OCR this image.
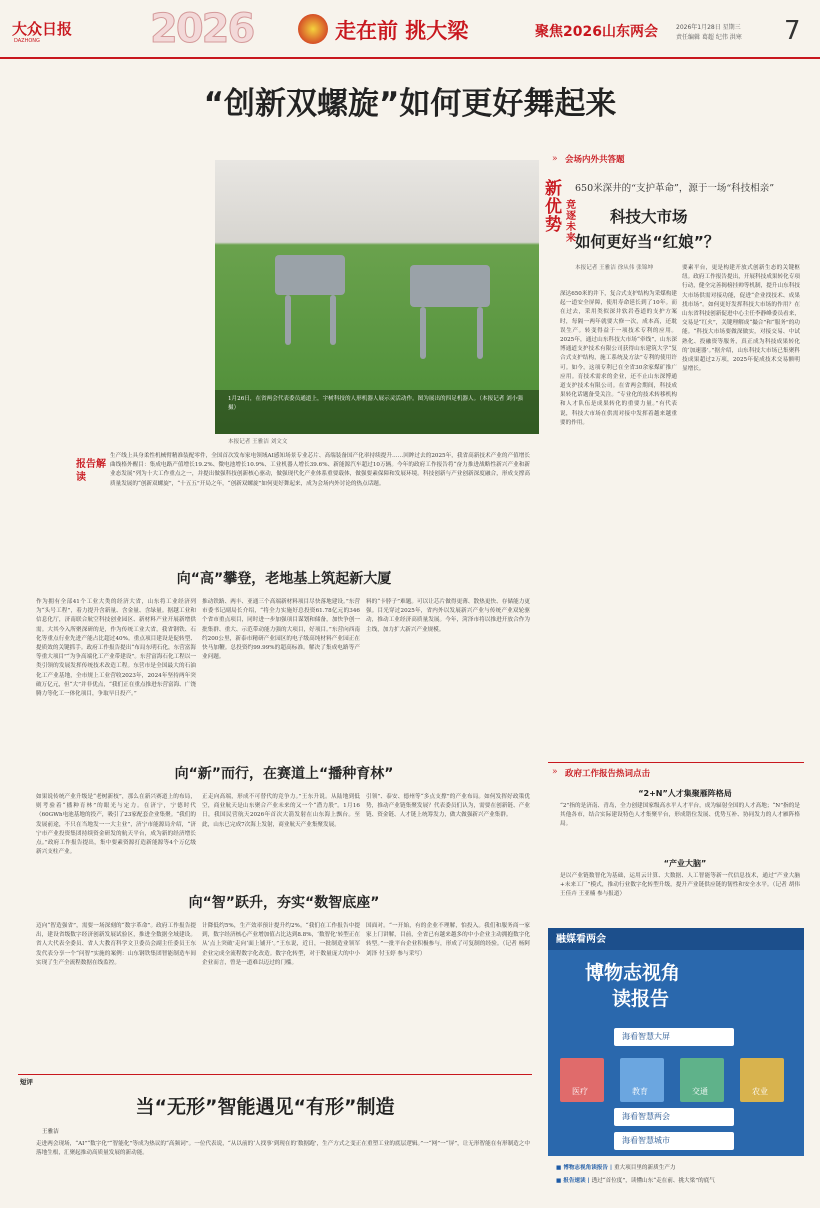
大众日报
DAZHONG	2026	走在前 挑大梁	聚焦2026山东两会	2026年1月28日 星期三
责任编辑 葛超 纪伟 洪寒 7
“创新双螺旋”如何更好舞起来
1月26日，在省两会代表委员通道上，宇树科技的人形机器人展示灵活动作。图为展出的四足机器人。（本报记者 刘小强 摄）
新优势
竞逐未来
本报记者 王雅洁 刘文文
报告解读
生产线上具身柔性机械臂精准装配零件，全国首次发布家电领域AI感知场景专业芯片、高端装备国产化率持续提升……回眸过去的2025年，我省高新技术产业的产值增长曲线格外醒目：集成电路产值增长19.2%、微电池增长10.9%、工业机器人增长39.6%、新能源汽车超过10万辆。今年的政府工作报告将“奋力推进战略性新兴产业和新业态发展”列为十大工作重点之一，并提出做强科技创新核心驱动，做强现代化产业体系重要载体，做强要素保障和发展环境。科技创新与产业创新深度融合，形成支撑高质量发展的“创新双螺旋”，“十五五”开局之年，“创新双螺旋”如何更好舞起来，成为会场内外讨论的热点话题。
向“高”攀登，老地基上筑起新大厦
作为拥有全部41个工业大类的经济大省，山东将工业经济列为“头号工程”，着力提升含新量、含金量、含绿量。据越工业和信息化厅，济南联合航空科技创业园区、新材料产业开展新增供需。大其今入所聚深研的是，作为传统工业大省，我省钢铁、石化等重点行业先进产能占比超过40%。重点项目建设是促转型、提质效的关键抓手。政府工作报告提出“布局东明石化，东营富海等重大项目”“为争高端化工产业带建设”。东营富海石化工程以一类引领的发展发挥传统技术改造工程。东营市是全国最大的石油化工产业基地，全市规上工业营收2023年，2024年坚持两年突破万亿元，但“大”并非优点，“我们正在重点推进东营富海、广饶腾力等化工一体化项目，争取早日投产。”
推动铁路、两丰、亚通三个高端新材料项目尽快落地建设。”东营市委书记副局长介绍，“将全力实施好总投资61.78亿元的346个省市重点项目，同时进一步加强项目谋划和储备，加快争创一批集群、重大、示范带动能力强的大项目，好项目。”东营向西南约200公里，新泰市精研产业园区的电子级高纯材料产业园正在快马加鞭。总投资约99.99%的超高标准。解决了集成电路等产业问题。
料的“卡脖子”难题。可以让芯片做得更薄、散热更快、存储能力更强。目光穿过2025年，省内外以发展新兴产业与传统产业双轮驱动，推动工业经济高质量发展。今年，菏泽市将以推进开放合作为主线，加力扩大新兴产业规模。
向“新”而行，在赛道上“播种育林”
如果说传统产业升级是“老树新枝”，那么在新兴赛道上的布局，则考验着“播种育林”的眼光与定力。在济宁，宁德时代（60GWh电池基地的投产，吸引了23家配套企业集聚。“我们的发展前途，不只在当地发一一大主业”，济宁市能源局介绍，“济宁市产业投资集团持续资金研发的航天平台，成为新的经济增长点。”政府工作报告提出，集中要素资源打造新能源等4个万亿级新兴支柱产业。
正走向高端，形成不可替代的竞争力。”王东升说。从陆地到低空，商业航天是山东聚合产业未来的又一个“潜力股”。1月16日，我国民营航天2026年首次大箭发射在山东海上飘台。至此，山东已完成7次海上发射，商业航天产业集聚发展。
引领”、泰安、德州等“多点支撑”的产业布局。如何发挥好政策优势，推动产业链集聚发展？代表委员们认为，需要在创新链、产业链、资金链、人才链上统筹发力，做大做强新兴产业集群。
向“智”跃升，夯实“数智底座”
迈向“智造强省”，需要一场深刻的“数字革命”。政府工作报告提出，建设省级数字经济创新发展试验区，推进全数据全域建设。省人大代表全委员、省人大教育科学文卫委员会副主任委员王东发代表分享一个“问智”实施的案例：山东钢铁集团智能制造车间实现了生产全流程数据在线监控。
计降低约5%，生产效率预计提升约2%。“我们在工作报告中提到，数字经济核心产业增加值占比达到8.8%，‘数智化’转型正在从‘点上突破’走向‘面上铺开’。”王东说，近日，一批制造业领军企业完成全流程数字化改造。数字化转型，对于数量庞大的中小企业而言，曾是一道难以迈过的门槛。
国面对。“一开始，有的企业不理解，怕投入。我们和服务商一家家上门讲解，目前，全省已有越来越多的中小企业主动拥抱数字化转型。”一批平台企业积极参与，形成了可复制的经验。（记者 杨阿 刘泽 付玉婷 参与采写）
短评
当“无形”智能遇见“有形”制造
王雅洁
走进两会现场，“AI”“数字化”“智能化”等成为热议的“高频词”。一位代表说，“从以前的‘人找事’到现在的‘数据跑’，生产方式之变正在重塑工业的底层逻辑。”一“网”一“屏”，让无形智能在有形制造之中落地生根，汇聚起推动高质量发展的新动能。
会场内外共答题
»
650米深井的“支护革命”，源于一场“科技相亲”
科技大市场
如何更好当“红娘”？
本报记者 王雅洁 徐从伟 张锦坤
深达650米的井下，复合式支护结构为采煤构建起一道安全屏障，使用寿命延长到了10年。而在过去，采用类似深井软岩巷道的支护方案时，每隔一两年就要大修一次，成本高，还耽误生产。转变得益于一项技术专利的应用。2025年，通过山东科技大市场“牵线”，山东深博通道支护技术有限公司获得山东建筑大学“复合式支护结构，施工系统及方法”专利的使用许可。如今，这项专利已在全省30余家煤矿推广应用。育技术需求的企业，还不止山东深博通道支护技术有限公司。在省两会期间，科技成果转化话题备受关注。“专业化的技术转移机构和人才队伍是成果转化的重要力量。”有代表说，科技大市场在供需对接中发挥着越来越重要的作用。
要素平台，更是构建开放式创新生态的关键枢纽。政府工作报告提出，开展科技成果转化专项行动，健全完善揭榜挂帅等机制，提升山东科技大市场供需对接功能，促进“企业找技术、成果找市场”。如何更好发挥科技大市场的作用？在山东省科技创新促进中心主任李静峰委员看来，交易是“红火”，关键理解成“撮合”和“服务”的功能。“科技大市场要做深做实，对接交易、中试熟化、投融资等服务，真正成为科技成果转化的‘加速器’。”据介绍，山东科技大市场已集聚科技成果超过2万项，2025年促成技术交易额明显增长。
» 政府工作报告热词点击
“2+N”人才集聚雁阵格局
“2”指的是济南、青岛，全力创建国家级高水平人才平台，成为辐射全国的人才高地；“N”指的是其他各市，结合实际建设特色人才集聚平台，形成错位发展、优势互补、协同发力的人才雁阵格局。
“产业大脑”
是以产业链数智化为基础，运用云计算、大数据、人工智能等新一代信息技术，通过“产业大脑+未来工厂”模式，推动行业数字化转型升级，提升产业链供应链的韧性和安全水平。（记者 胡伟 王佳卉 王亚楠 参与报道）
融媒看两会
博物志视角
读报告
海看智慧大屏
医疗	教育	交通	农业
海看智慧两会
海看智慧城市
■ 博物志视角读报告 | 重大项目里的新质生产力
■ 报告速读 | 透过“首位度”，读懂山东“走在前、挑大梁”的底气
